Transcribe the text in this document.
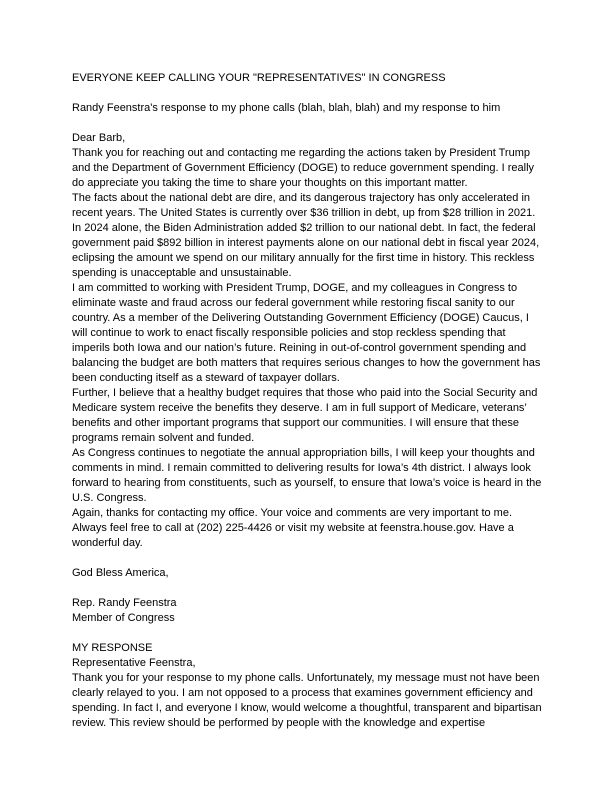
EVERYONE KEEP CALLING YOUR "REPRESENTATIVES" IN CONGRESS

Randy Feenstra's response to my phone calls (blah, blah, blah) and my response to him

Dear Barb,

Thank you for reaching out and contacting me regarding the actions taken by President Trump and the Department of Government Efficiency (DOGE) to reduce government spending. I really do appreciate you taking the time to share your thoughts on this important matter.

The facts about the national debt are dire, and its dangerous trajectory has only accelerated in recent years. The United States is currently over $36 trillion in debt, up from $28 trillion in 2021. In 2024 alone, the Biden Administration added $2 trillion to our national debt. In fact, the federal government paid $892 billion in interest payments alone on our national debt in fiscal year 2024, eclipsing the amount we spend on our military annually for the first time in history. This reckless spending is unacceptable and unsustainable.

I am committed to working with President Trump, DOGE, and my colleagues in Congress to eliminate waste and fraud across our federal government while restoring fiscal sanity to our country. As a member of the Delivering Outstanding Government Efficiency (DOGE) Caucus, I will continue to work to enact fiscally responsible policies and stop reckless spending that imperils both Iowa and our nation’s future. Reining in out-of-control government spending and balancing the budget are both matters that requires serious changes to how the government has been conducting itself as a steward of taxpayer dollars.

Further, I believe that a healthy budget requires that those who paid into the Social Security and Medicare system receive the benefits they deserve. I am in full support of Medicare, veterans’ benefits and other important programs that support our communities. I will ensure that these programs remain solvent and funded.

As Congress continues to negotiate the annual appropriation bills, I will keep your thoughts and comments in mind. I remain committed to delivering results for Iowa’s 4th district. I always look forward to hearing from constituents, such as yourself, to ensure that Iowa’s voice is heard in the U.S. Congress.

Again, thanks for contacting my office. Your voice and comments are very important to me. Always feel free to call at (202) 225-4426 or visit my website at feenstra.house.gov. Have a wonderful day.

God Bless America,

Rep. Randy Feenstra

Member of Congress

MY RESPONSE

Representative Feenstra,

Thank you for your response to my phone calls. Unfortunately, my message must not have been clearly relayed to you. I am not opposed to a process that examines government efficiency and spending. In fact I, and everyone I know, would welcome a thoughtful, transparent and bipartisan review. This review should be performed by people with the knowledge and expertise
